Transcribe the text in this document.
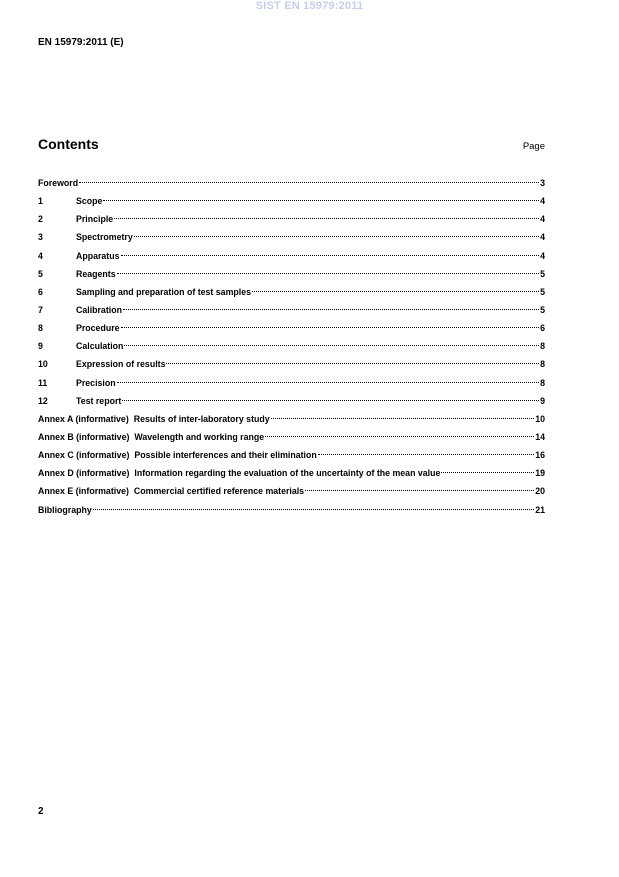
SIST EN 15979:2011
EN 15979:2011 (E)
Contents	Page
Foreword	3
1	Scope	4
2	Principle	4
3	Spectrometry	4
4	Apparatus	4
5	Reagents	5
6	Sampling and preparation of test samples	5
7	Calibration	5
8	Procedure	6
9	Calculation	8
10	Expression of results	8
11	Precision	8
12	Test report	9
Annex A (informative) Results of inter-laboratory study	10
Annex B (informative) Wavelength and working range	14
Annex C (informative) Possible interferences and their elimination	16
Annex D (informative) Information regarding the evaluation of the uncertainty of the mean value	19
Annex E (informative) Commercial certified reference materials	20
Bibliography	21
2
